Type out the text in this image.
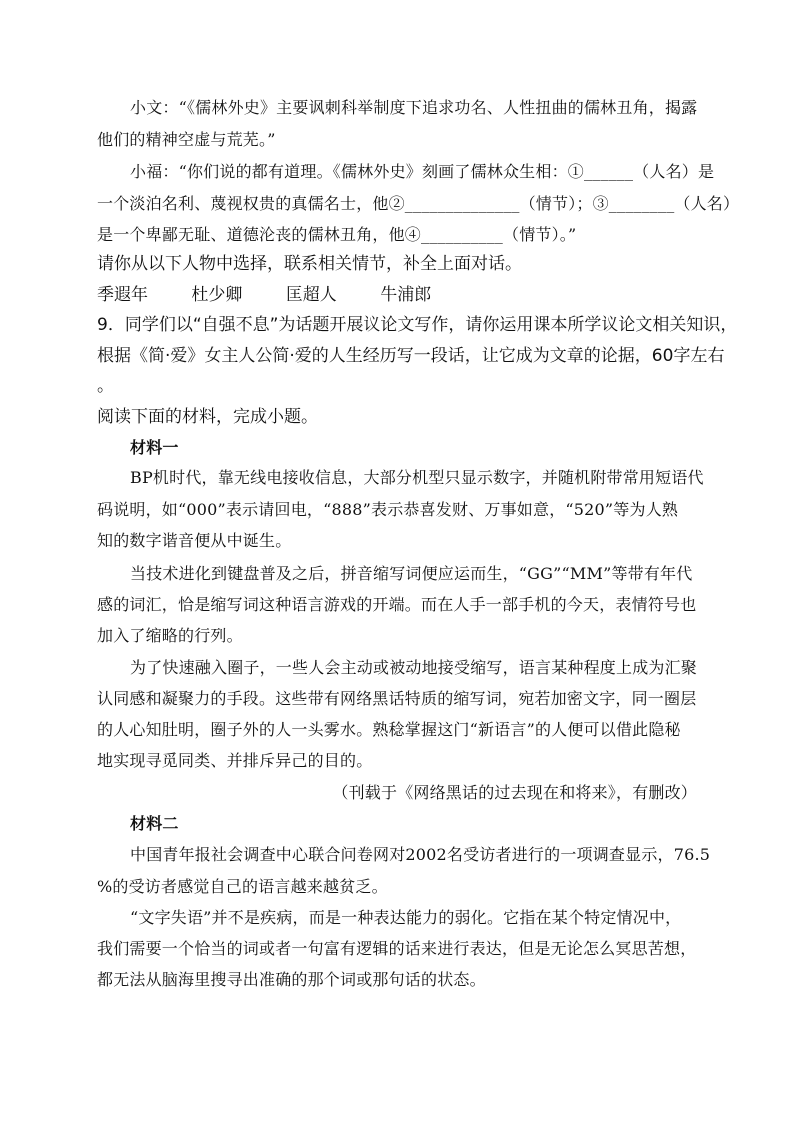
小文：“《儒林外史》主要讽刺科举制度下追求功名、人性扭曲的儒林丑角，揭露
他们的精神空虚与荒芜。”
小福：“你们说的都有道理。《儒林外史》刻画了儒林众生相：①______（人名）是
一个淡泊名利、蔑视权贵的真儒名士，他②______________（情节）；③________（人名）
是一个卑鄙无耻、道德沦丧的儒林丑角，他④__________（情节）。”
请你从以下人物中选择，联系相关情节，补全上面对话。
季遐年	杜少卿	匡超人	牛浦郎
9．同学们以“自强不息”为话题开展议论文写作，请你运用课本所学议论文相关知识，
根据《简·爱》女主人公简·爱的人生经历写一段话，让它成为文章的论据，60字左右
。
阅读下面的材料，完成小题。
材料一
BP机时代，靠无线电接收信息，大部分机型只显示数字，并随机附带常用短语代
码说明，如“000”表示请回电，“888”表示恭喜发财、万事如意，“520”等为人熟
知的数字谐音便从中诞生。
当技术进化到键盘普及之后，拼音缩写词便应运而生，“GG”“MM”等带有年代
感的词汇，恰是缩写词这种语言游戏的开端。而在人手一部手机的今天，表情符号也
加入了缩略的行列。
为了快速融入圈子，一些人会主动或被动地接受缩写，语言某种程度上成为汇聚
认同感和凝聚力的手段。这些带有网络黑话特质的缩写词，宛若加密文字，同一圈层
的人心知肚明，圈子外的人一头雾水。熟稔掌握这门“新语言”的人便可以借此隐秘
地实现寻觅同类、并排斥异己的目的。
（刊载于《网络黑话的过去现在和将来》，有删改）
材料二
中国青年报社会调查中心联合问卷网对2002名受访者进行的一项调查显示，76.5
%的受访者感觉自己的语言越来越贫乏。
“文字失语”并不是疾病，而是一种表达能力的弱化。它指在某个特定情况中，
我们需要一个恰当的词或者一句富有逻辑的话来进行表达，但是无论怎么冥思苦想，
都无法从脑海里搜寻出准确的那个词或那句话的状态。
